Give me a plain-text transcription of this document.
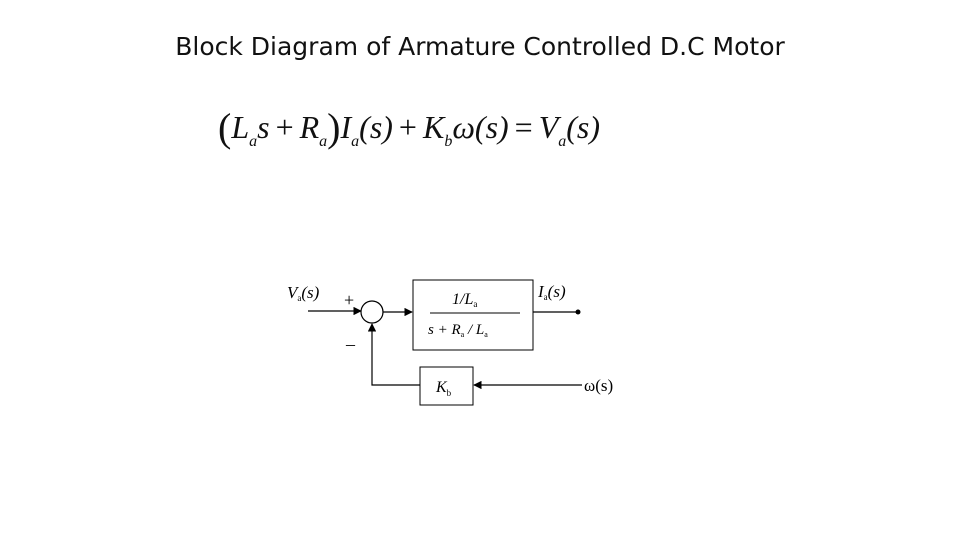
Block Diagram of Armature Controlled D.C Motor
$(L_as + R_a)I_a(s) + K_b\omega(s) = V_a(s)$
Va(s) +
–
1/La
$s + R_a / L_a$
Ia(s)
$K_b$	ω(s)
